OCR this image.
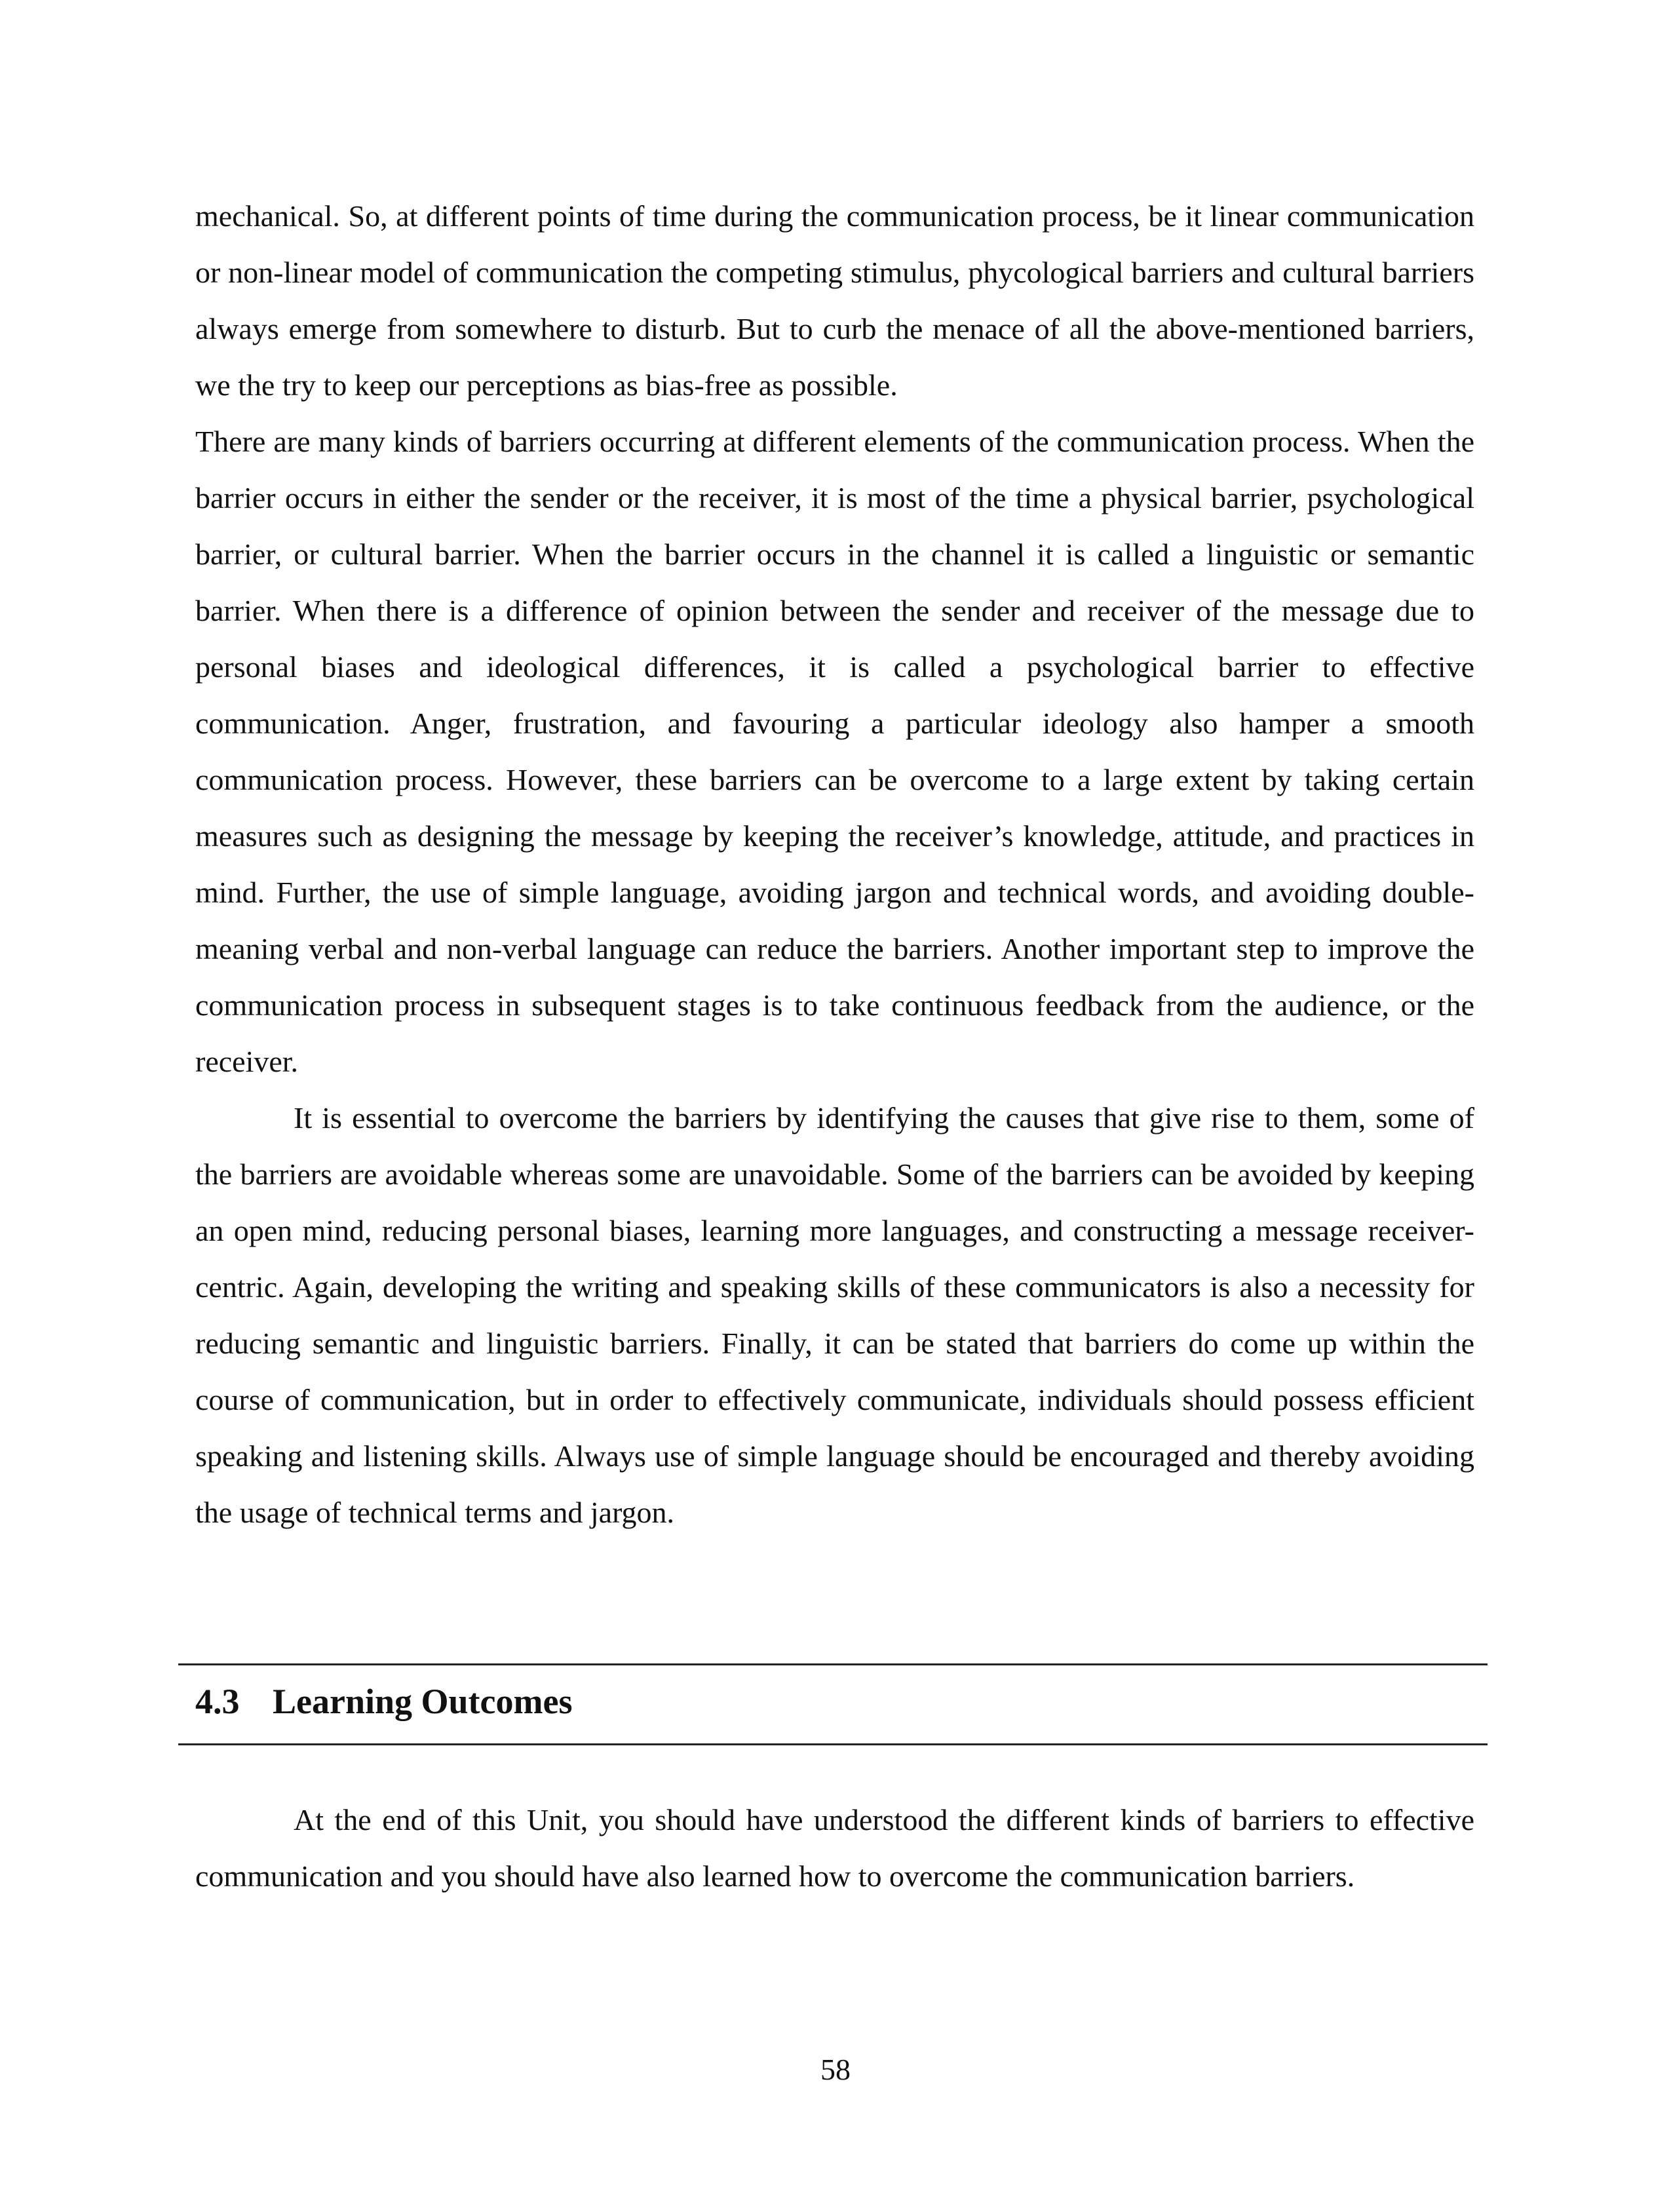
mechanical. So, at different points of time during the communication process, be it linear communication or non-linear model of communication the competing stimulus, phycological barriers and cultural barriers always emerge from somewhere to disturb. But to curb the menace of all the above-mentioned barriers, we the try to keep our perceptions as bias-free as possible.

There are many kinds of barriers occurring at different elements of the communication process. When the barrier occurs in either the sender or the receiver, it is most of the time a physical barrier, psychological barrier, or cultural barrier. When the barrier occurs in the channel it is called a linguistic or semantic barrier. When there is a difference of opinion between the sender and receiver of the message due to personal biases and ideological differences, it is called a psychological barrier to effective communication. Anger, frustration, and favouring a particular ideology also hamper a smooth communication process. However, these barriers can be overcome to a large extent by taking certain measures such as designing the message by keeping the receiver’s knowledge, attitude, and practices in mind. Further, the use of simple language, avoiding jargon and technical words, and avoiding double-meaning verbal and non-verbal language can reduce the barriers. Another important step to improve the communication process in subsequent stages is to take continuous feedback from the audience, or the receiver.

It is essential to overcome the barriers by identifying the causes that give rise to them, some of the barriers are avoidable whereas some are unavoidable. Some of the barriers can be avoided by keeping an open mind, reducing personal biases, learning more languages, and constructing a message receiver-centric. Again, developing the writing and speaking skills of these communicators is also a necessity for reducing semantic and linguistic barriers. Finally, it can be stated that barriers do come up within the course of communication, but in order to effectively communicate, individuals should possess efficient speaking and listening skills. Always use of simple language should be encouraged and thereby avoiding the usage of technical terms and jargon.

4.3 Learning Outcomes

At the end of this Unit, you should have understood the different kinds of barriers to effective communication and you should have also learned how to overcome the communication barriers.

58
